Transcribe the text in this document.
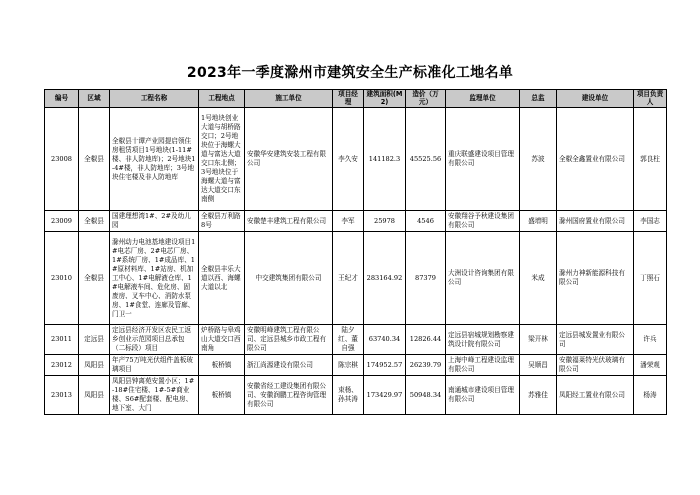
2023年一季度滁州市建筑安全生产标准化工地名单
编号	区域	工程名称	工程地点	施工单位	项目经理	建筑面积(M2)	造价（万元）	监理单位	总监	建设单位	项目负责人
23008	全椒县	全椒县十谭产业园提启领住房租赁项目1号地块(1-11#楼、非人防地库)；2号地块1-4#楼，非人防地库；3号地块住宅楼及非人防地库	1号地块创业大道与胡桥路交口；2号地块位于海螺大道与富达大道交口东北侧；3号地块位于海螺大道与富达大道交口东南侧	安徽华安建筑安装工程有限公司	李久安	141182.3	45525.56	重庆联盛建设项目管理有限公司	苏波	全椒全鑫置业有限公司	郭良柱
23009	全椒县	国建理想湾1#、2#及幼儿园	全椒县万利路8号	安徽楚丰建筑工程有限公司	李军	25978	4546	安徽翔谷予秋建设集团有限公司	盛增明	滁州国府置业有限公司	李国志
23010	全椒县	滁州动力电池基地建设项目1#电芯厂房、2#电芯厂房、1#系统厂房、1#成品库、1#原材料库、1#站房、机加工中心、1#电解液仓库、1#电解液车间、危化房、固废房、叉车中心、消防水泵房、1#食堂、连廊及管廊、门卫一	全椒县丰乐大道以西、海螺大道以北	中交建筑集团有限公司	王纪才	283164.92	87379	大洲设计咨询集团有限公司	米成	滁州力神新能源科技有限公司	丁照石
23011	定远县	定远县经济开发区农民工返乡创业示范园项目总承包（二标段）项目	炉桥路与皋鸡山大道交口西南角	安徽明峰建筑工程有限公司、定远县城乡市政工程有限公司	陆夕红、董自强	63740.34	12826.44	定远县宿城规划勘察建筑设计院有限公司	梁开林	定远县城发置业有限公司	许兵
23012	凤阳县	年产75万吨光伏组件盖板玻璃项目	板桥镇	浙江尚源建设有限公司	陈宗棋	174952.57	26239.79	上海中峰工程建设监理有限公司	吴顺昌	安徽福莱特光伏玻璃有限公司	潘荣观
23013	凤阳县	凤阳县钟离苑安置小区；1#-18#住宅楼、1#-5#商业楼、S6#配套楼、配电房、地下室、大门	板桥镇	安徽省经工建设集团有限公司、安徽润鹏工程咨询管理有限公司	束杨、孙其涛	173429.97	50948.34	南通城市建设项目管理有限公司	苏雅佳	凤阳经工置业有限公司	杨涛
